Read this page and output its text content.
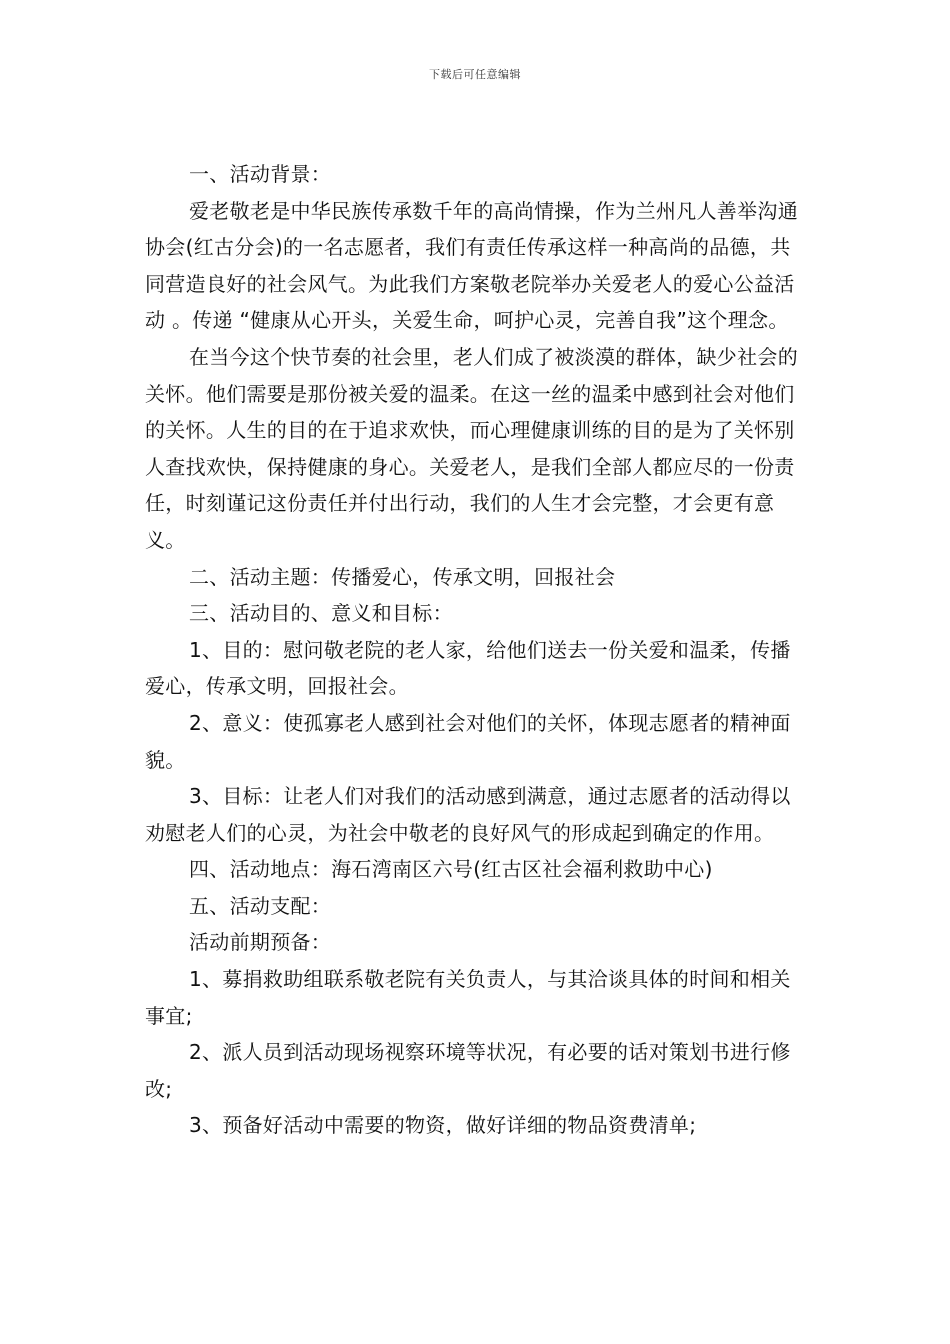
下载后可任意编辑

一、活动背景：

爱老敬老是中华民族传承数千年的高尚情操，作为兰州凡人善举沟通协会(红古分会)的一名志愿者，我们有责任传承这样一种高尚的品德，共同营造良好的社会风气。为此我们方案敬老院举办关爱老人的爱心公益活动 。传递 “健康从心开头，关爱生命，呵护心灵，完善自我”这个理念。

在当今这个快节奏的社会里，老人们成了被淡漠的群体，缺少社会的关怀。他们需要是那份被关爱的温柔。在这一丝的温柔中感到社会对他们的关怀。人生的目的在于追求欢快，而心理健康训练的目的是为了关怀别人查找欢快，保持健康的身心。关爱老人，是我们全部人都应尽的一份责任，时刻谨记这份责任并付出行动，我们的人生才会完整，才会更有意义。

二、活动主题：传播爱心，传承文明，回报社会

三、活动目的、意义和目标：

1、目的：慰问敬老院的老人家，给他们送去一份关爱和温柔，传播爱心，传承文明，回报社会。

2、意义：使孤寡老人感到社会对他们的关怀，体现志愿者的精神面貌。

3、目标：让老人们对我们的活动感到满意，通过志愿者的活动得以劝慰老人们的心灵，为社会中敬老的良好风气的形成起到确定的作用。

四、活动地点：海石湾南区六号(红古区社会福利救助中心)

五、活动支配：

活动前期预备：

1、募捐救助组联系敬老院有关负责人，与其洽谈具体的时间和相关事宜;

2、派人员到活动现场视察环境等状况，有必要的话对策划书进行修改;

3、预备好活动中需要的物资，做好详细的物品资费清单;
